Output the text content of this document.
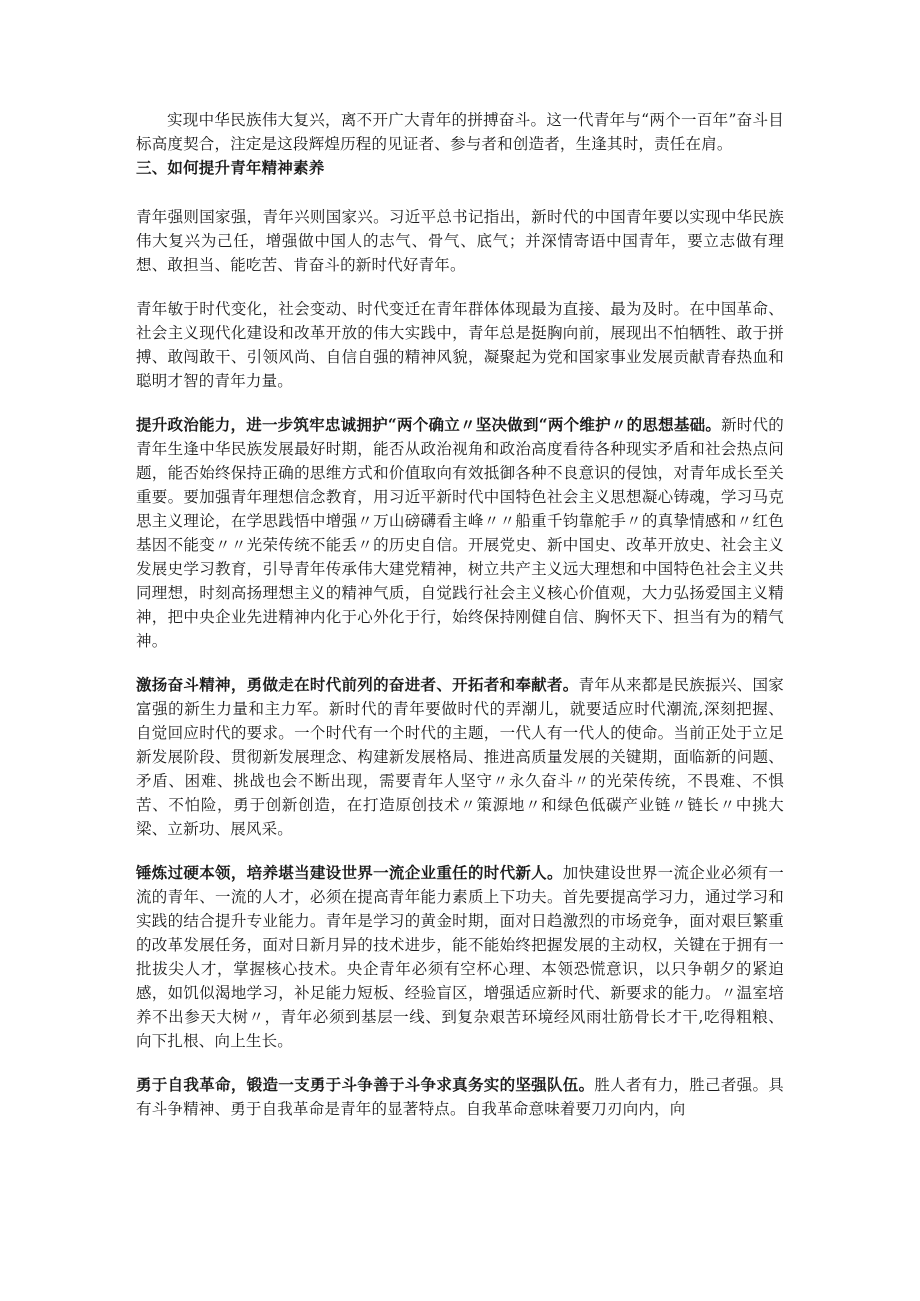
实现中华民族伟大复兴，离不开广大青年的拼搏奋斗。这一代青年与“两个一百年”奋斗目标高度契合，注定是这段辉煌历程的见证者、参与者和创造者，生逢其时，责任在肩。

三、如何提升青年精神素养

青年强则国家强，青年兴则国家兴。习近平总书记指出，新时代的中国青年要以实现中华民族伟大复兴为己任，增强做中国人的志气、骨气、底气；并深情寄语中国青年，要立志做有理想、敢担当、能吃苦、肯奋斗的新时代好青年。

青年敏于时代变化，社会变动、时代变迁在青年群体体现最为直接、最为及时。在中国革命、社会主义现代化建设和改革开放的伟大实践中，青年总是挺胸向前，展现出不怕牺牲、敢于拼搏、敢闯敢干、引领风尚、自信自强的精神风貌，凝聚起为党和国家事业发展贡献青春热血和聪明才智的青年力量。

提升政治能力，进一步筑牢忠诚拥护“两个确立〃坚决做到“两个维护〃的思想基础。新时代的青年生逢中华民族发展最好时期，能否从政治视角和政治高度看待各种现实矛盾和社会热点问题，能否始终保持正确的思维方式和价值取向有效抵御各种不良意识的侵蚀，对青年成长至关重要。要加强青年理想信念教育，用习近平新时代中国特色社会主义思想凝心铸魂，学习马克思主义理论，在学思践悟中增强〃万山磅礴看主峰〃〃船重千钧靠舵手〃的真挚情感和〃红色基因不能变〃〃光荣传统不能丢〃的历史自信。开展党史、新中国史、改革开放史、社会主义发展史学习教育，引导青年传承伟大建党精神，树立共产主义远大理想和中国特色社会主义共同理想，时刻高扬理想主义的精神气质，自觉践行社会主义核心价值观，大力弘扬爱国主义精神，把中央企业先进精神内化于心外化于行，始终保持刚健自信、胸怀天下、担当有为的精气神。

激扬奋斗精神，勇做走在时代前列的奋进者、开拓者和奉献者。青年从来都是民族振兴、国家富强的新生力量和主力军。新时代的青年要做时代的弄潮儿，就要适应时代潮流,深刻把握、自觉回应时代的要求。一个时代有一个时代的主题，一代人有一代人的使命。当前正处于立足新发展阶段、贯彻新发展理念、构建新发展格局、推进高质量发展的关键期，面临新的问题、矛盾、困难、挑战也会不断出现，需要青年人坚守〃永久奋斗〃的光荣传统，不畏难、不惧苦、不怕险，勇于创新创造，在打造原创技术〃策源地〃和绿色低碳产业链〃链长〃中挑大梁、立新功、展风采。

锤炼过硬本领，培养堪当建设世界一流企业重任的时代新人。加快建设世界一流企业必须有一流的青年、一流的人才，必须在提高青年能力素质上下功夫。首先要提高学习力，通过学习和实践的结合提升专业能力。青年是学习的黄金时期，面对日趋激烈的市场竞争，面对艰巨繁重的改革发展任务，面对日新月异的技术进步，能不能始终把握发展的主动权，关键在于拥有一批拔尖人才，掌握核心技术。央企青年必须有空杯心理、本领恐慌意识，以只争朝夕的紧迫感，如饥似渴地学习，补足能力短板、经验盲区，增强适应新时代、新要求的能力。〃温室培养不出参天大树〃，青年必须到基层一线、到复杂艰苦环境经风雨壮筋骨长才干,吃得粗粮、向下扎根、向上生长。

勇于自我革命，锻造一支勇于斗争善于斗争求真务实的坚强队伍。胜人者有力，胜己者强。具有斗争精神、勇于自我革命是青年的显著特点。自我革命意味着要刀刃向内，向
